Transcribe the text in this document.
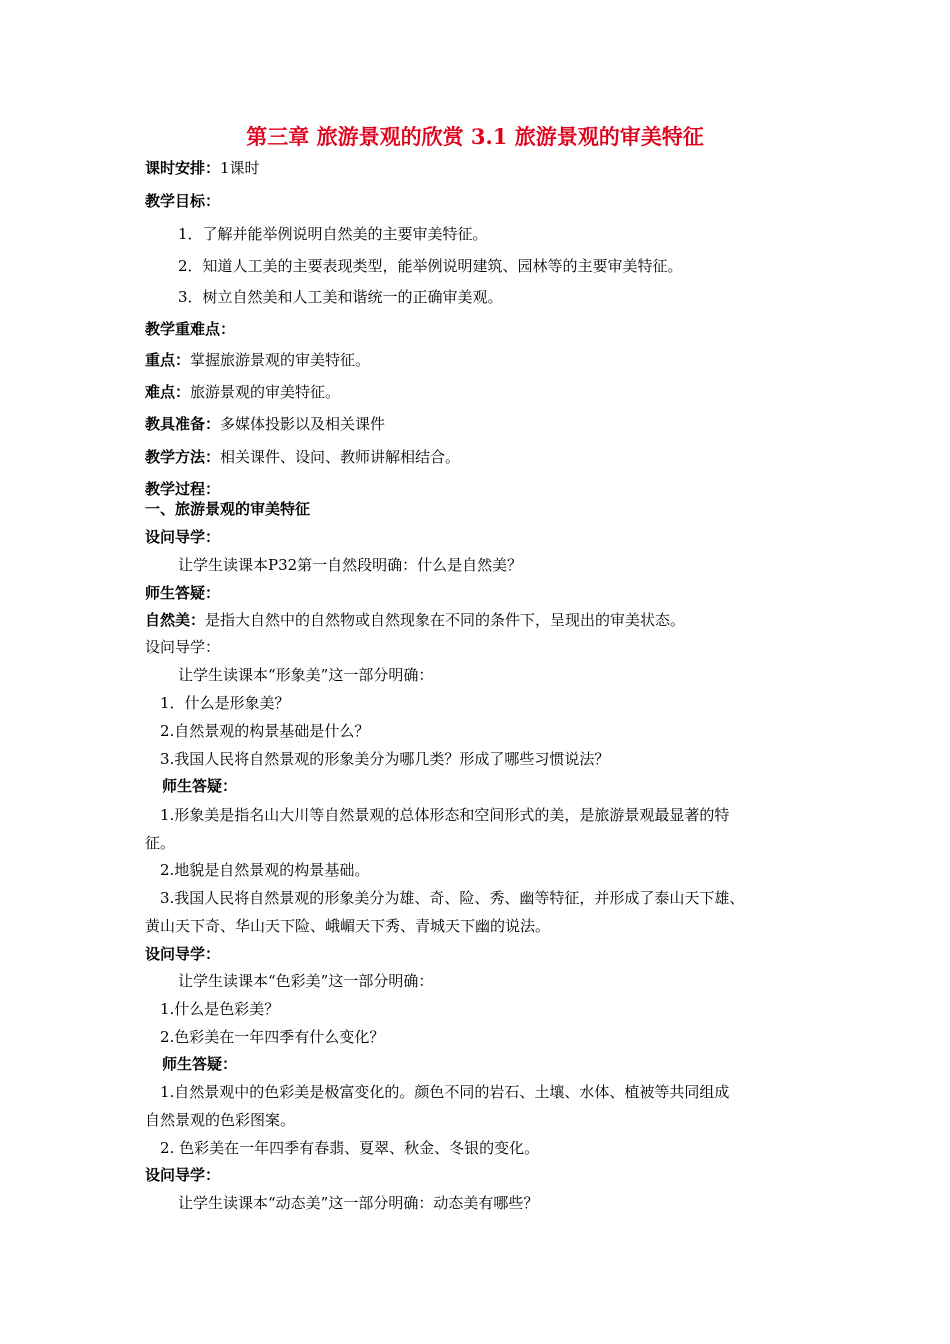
第三章 旅游景观的欣赏 3.1 旅游景观的审美特征
课时安排：1课时
教学目标：
1．了解并能举例说明自然美的主要审美特征。
2．知道人工美的主要表现类型，能举例说明建筑、园林等的主要审美特征。
3．树立自然美和人工美和谐统一的正确审美观。
教学重难点：
重点：掌握旅游景观的审美特征。
难点：旅游景观的审美特征。
教具准备：多媒体投影以及相关课件
教学方法：相关课件、设问、教师讲解相结合。
教学过程：
一、旅游景观的审美特征
设问导学：
让学生读课本P32第一自然段明确：什么是自然美？
师生答疑：
自然美：是指大自然中的自然物或自然现象在不同的条件下，呈现出的审美状态。
设问导学：
让学生读课本“形象美”这一部分明确：
1．什么是形象美？
2.自然景观的构景基础是什么？
3.我国人民将自然景观的形象美分为哪几类？形成了哪些习惯说法？
师生答疑：
1.形象美是指名山大川等自然景观的总体形态和空间形式的美，是旅游景观最显著的特
征。
2.地貌是自然景观的构景基础。
3.我国人民将自然景观的形象美分为雄、奇、险、秀、幽等特征，并形成了泰山天下雄、
黄山天下奇、华山天下险、峨嵋天下秀、青城天下幽的说法。
设问导学：
让学生读课本“色彩美”这一部分明确：
1.什么是色彩美？
2.色彩美在一年四季有什么变化？
师生答疑：
1.自然景观中的色彩美是极富变化的。颜色不同的岩石、土壤、水体、植被等共同组成
自然景观的色彩图案。
2. 色彩美在一年四季有春翡、夏翠、秋金、冬银的变化。
设问导学：
让学生读课本“动态美”这一部分明确：动态美有哪些？
